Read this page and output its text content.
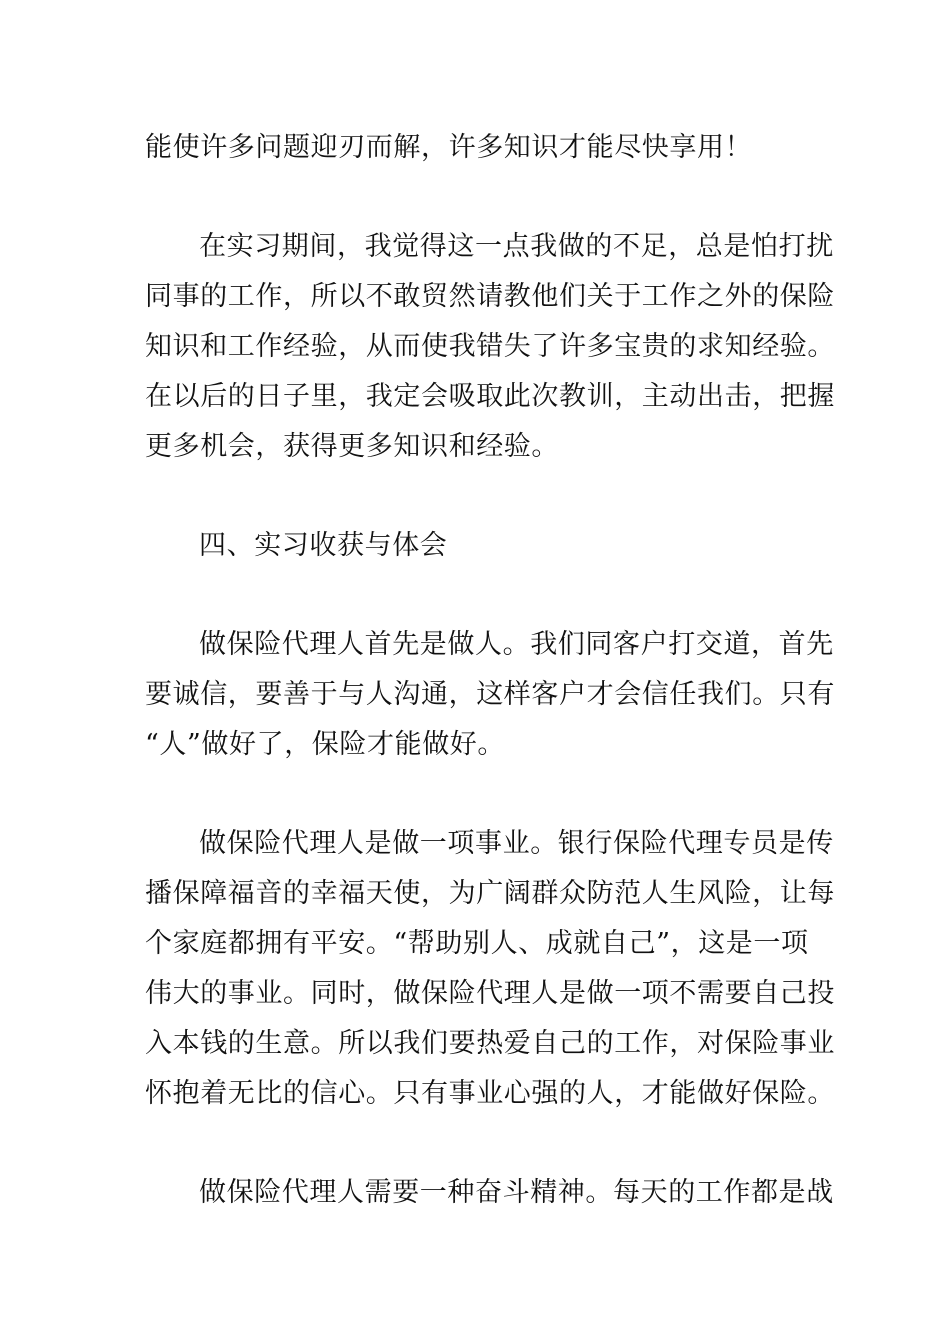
能使许多问题迎刃而解，许多知识才能尽快享用！
在实习期间，我觉得这一点我做的不足，总是怕打扰
同事的工作，所以不敢贸然请教他们关于工作之外的保险
知识和工作经验，从而使我错失了许多宝贵的求知经验。
在以后的日子里，我定会吸取此次教训，主动出击，把握
更多机会，获得更多知识和经验。
四、实习收获与体会
做保险代理人首先是做人。我们同客户打交道，首先
要诚信，要善于与人沟通，这样客户才会信任我们。只有
“人”做好了，保险才能做好。
做保险代理人是做一项事业。银行保险代理专员是传
播保障福音的幸福天使，为广阔群众防范人生风险，让每
个家庭都拥有平安。“帮助别人、成就自己”，这是一项
伟大的事业。同时，做保险代理人是做一项不需要自己投
入本钱的生意。所以我们要热爱自己的工作，对保险事业
怀抱着无比的信心。只有事业心强的人，才能做好保险。
做保险代理人需要一种奋斗精神。每天的工作都是战
